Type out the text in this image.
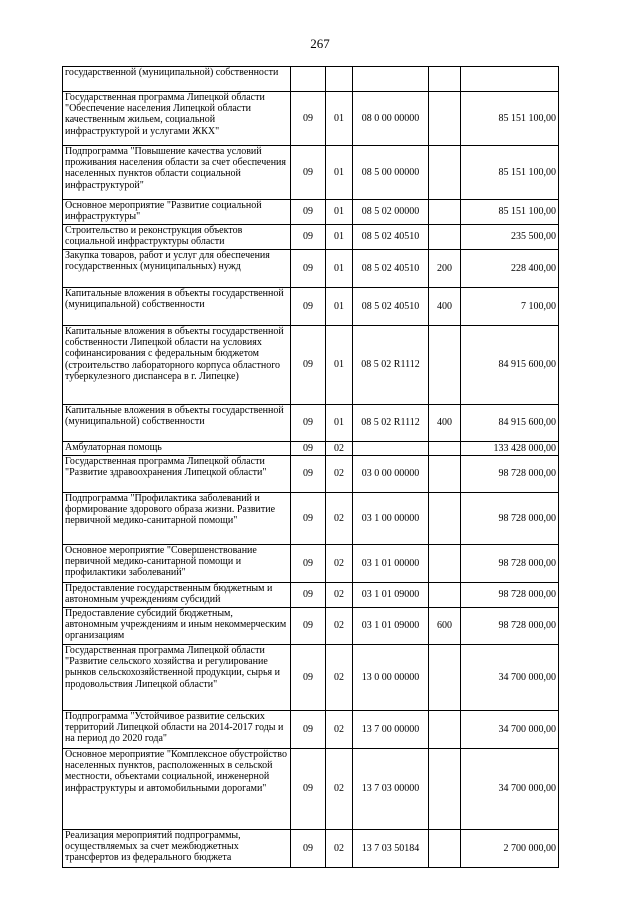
267
государственной (муниципальной) собственности					
Государственная программа Липецкой области "Обеспечение населения Липецкой области качественным жильем, социальной инфраструктурой и услугами ЖКХ"	09	01	08 0 00 00000		85 151 100,00
Подпрограмма "Повышение качества условий проживания населения области за счет обеспечения населенных пунктов области социальной инфраструктурой"	09	01	08 5 00 00000		85 151 100,00
Основное мероприятие "Развитие социальной инфраструктуры"	09	01	08 5 02 00000		85 151 100,00
Строительство и реконструкция объектов социальной инфраструктуры области	09	01	08 5 02 40510		235 500,00
Закупка товаров, работ и услуг для обеспечения государственных (муниципальных) нужд	09	01	08 5 02 40510	200	228 400,00
Капитальные вложения в объекты государственной (муниципальной) собственности	09	01	08 5 02 40510	400	7 100,00
Капитальные вложения в объекты государственной собственности Липецкой области на условиях софинансирования с федеральным бюджетом (строительство лабораторного корпуса областного туберкулезного диспансера в г. Липецке)	09	01	08 5 02 R1112		84 915 600,00
Капитальные вложения в объекты государственной (муниципальной) собственности	09	01	08 5 02 R1112	400	84 915 600,00
Амбулаторная помощь	09	02			133 428 000,00
Государственная программа Липецкой области "Развитие здравоохранения Липецкой области"	09	02	03 0 00 00000		98 728 000,00
Подпрограмма "Профилактика заболеваний и формирование здорового образа жизни. Развитие первичной медико-санитарной помощи"	09	02	03 1 00 00000		98 728 000,00
Основное мероприятие "Совершенствование первичной медико-санитарной помощи и профилактики заболеваний"	09	02	03 1 01 00000		98 728 000,00
Предоставление государственным бюджетным и автономным учреждениям субсидий	09	02	03 1 01 09000		98 728 000,00
Предоставление субсидий бюджетным, автономным учреждениям и иным некоммерческим организациям	09	02	03 1 01 09000	600	98 728 000,00
Государственная программа Липецкой области "Развитие сельского хозяйства и регулирование рынков сельскохозяйственной продукции, сырья и продовольствия Липецкой области"	09	02	13 0 00 00000		34 700 000,00
Подпрограмма "Устойчивое развитие сельских территорий Липецкой области на 2014-2017 годы и на период до 2020 года"	09	02	13 7 00 00000		34 700 000,00
Основное мероприятие "Комплексное обустройство населенных пунктов, расположенных в сельской местности, объектами социальной, инженерной инфраструктуры и автомобильными дорогами"	09	02	13 7 03 00000		34 700 000,00
Реализация мероприятий подпрограммы, осуществляемых за счет межбюджетных трансфертов из федерального бюджета	09	02	13 7 03 50184		2 700 000,00
